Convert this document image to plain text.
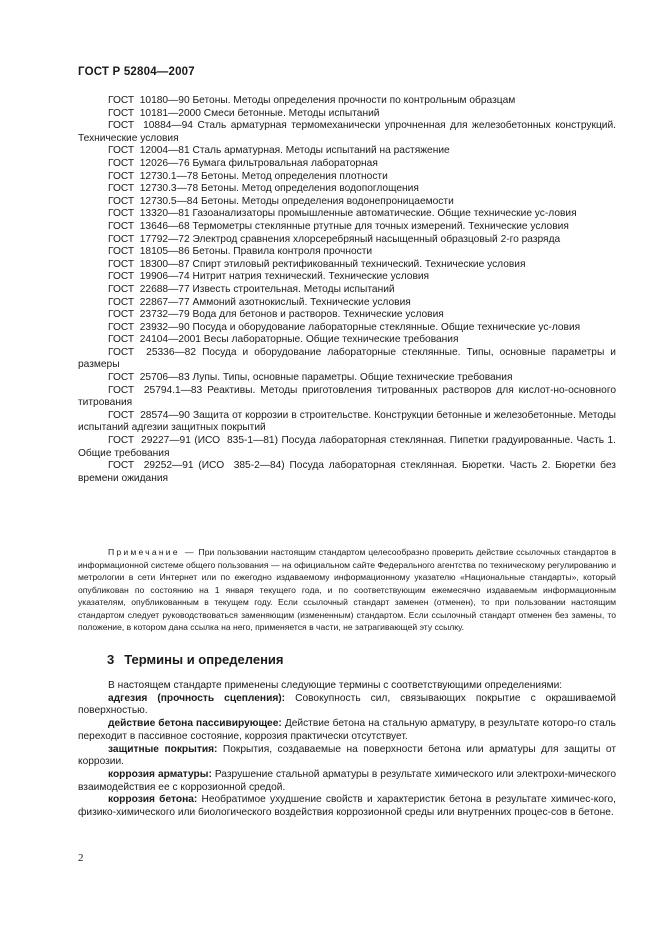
ГОСТ Р 52804—2007

ГОСТ  10180—90 Бетоны. Методы определения прочности по контрольным образцам

ГОСТ  10181—2000 Смеси бетонные. Методы испытаний

ГОСТ  10884—94 Сталь арматурная термомеханически упрочненная для железобетонных конструкций. Технические условия

ГОСТ  12004—81 Сталь арматурная. Методы испытаний на растяжение

ГОСТ  12026—76 Бумага фильтровальная лабораторная

ГОСТ  12730.1—78 Бетоны. Метод определения плотности

ГОСТ  12730.3—78 Бетоны. Метод определения водопоглощения

ГОСТ  12730.5—84 Бетоны. Методы определения водонепроницаемости

ГОСТ  13320—81 Газоанализаторы промышленные автоматические. Общие технические ус-ловия

ГОСТ  13646—68 Термометры стеклянные ртутные для точных измерений. Технические условия

ГОСТ  17792—72 Электрод сравнения хлорсеребряный насыщенный образцовый 2-го разряда

ГОСТ  18105—86 Бетоны. Правила контроля прочности

ГОСТ  18300—87 Спирт этиловый ректификованный технический. Технические условия

ГОСТ  19906—74 Нитрит натрия технический. Технические условия

ГОСТ  22688—77 Известь строительная. Методы испытаний

ГОСТ  22867—77 Аммоний азотнокислый. Технические условия

ГОСТ  23732—79 Вода для бетонов и растворов. Технические условия

ГОСТ  23932—90 Посуда и оборудование лабораторные стеклянные. Общие технические ус-ловия

ГОСТ  24104—2001 Весы лабораторные. Общие технические требования

ГОСТ  25336—82 Посуда и оборудование лабораторные стеклянные. Типы, основные параметры и размеры

ГОСТ  25706—83 Лупы. Типы, основные параметры. Общие технические требования

ГОСТ  25794.1—83 Реактивы. Методы приготовления титрованных растворов для кислот-но-основного титрования

ГОСТ  28574—90 Защита от коррозии в строительстве. Конструкции бетонные и железобетонные. Методы испытаний адгезии защитных покрытий

ГОСТ  29227—91 (ИСО  835-1—81) Посуда лабораторная стеклянная. Пипетки градуированные. Часть 1. Общие требования

ГОСТ  29252—91 (ИСО  385-2—84) Посуда лабораторная стеклянная. Бюретки. Часть 2. Бюретки без времени ожидания

Примечание — При пользовании настоящим стандартом целесообразно проверить действие ссылочных стандартов в информационной системе общего пользования — на официальном сайте Федерального агентства по техническому регулированию и метрологии в сети Интернет или по ежегодно издаваемому информационному указателю «Национальные стандарты», который опубликован по состоянию на 1 января текущего года, и по соответствующим ежемесячно издаваемым информационным указателям, опубликованным в текущем году. Если ссылочный стандарт заменен (отменен), то при пользовании настоящим стандартом следует руководствоваться заменяющим (измененным) стандартом. Если ссылочный стандарт отменен без замены, то положение, в котором дана ссылка на него, применяется в части, не затрагивающей эту ссылку.

3 Термины и определения

В настоящем стандарте применены следующие термины с соответствующими определениями:

адгезия (прочность сцепления): Совокупность сил, связывающих покрытие с окрашиваемой поверхностью.

действие бетона пассивирующее: Действие бетона на стальную арматуру, в результате которо-го сталь переходит в пассивное состояние, коррозия практически отсутствует.

защитные покрытия: Покрытия, создаваемые на поверхности бетона или арматуры для защиты от коррозии.

коррозия арматуры: Разрушение стальной арматуры в результате химического или электрохи-мического взаимодействия ее с коррозионной средой.

коррозия бетона: Необратимое ухудшение свойств и характеристик бетона в результате химичес-кого, физико-химического или биологического воздействия коррозионной среды или внутренних процес-сов в бетоне.

2
